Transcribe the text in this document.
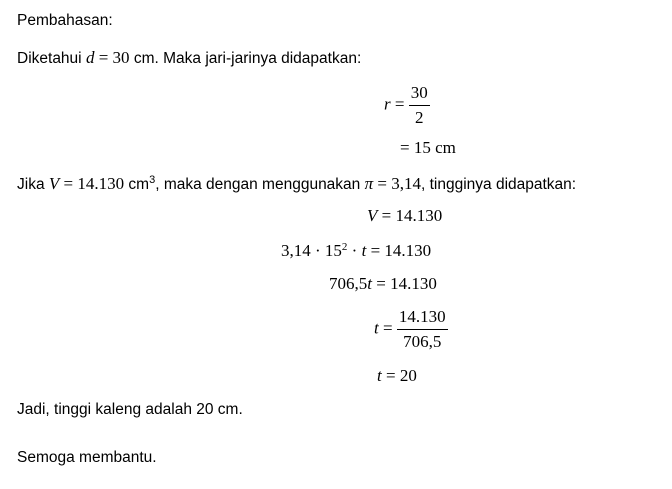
Pembahasan:
Diketahui d = 30 cm. Maka jari-jarinya didapatkan:
$r = \frac{30}{2}$
= 15 cm
Jika V = 14.130 $cm^3$, maka dengan menggunakan π = 3,14, tingginya didapatkan:
V = 14.130
$3,14 \cdot 15^2 \cdot t = 14.130$
706,5t = 14.130
$t = \frac{14.130}{706,5}$
t = 20
Jadi, tinggi kaleng adalah 20 cm.
Semoga membantu.
